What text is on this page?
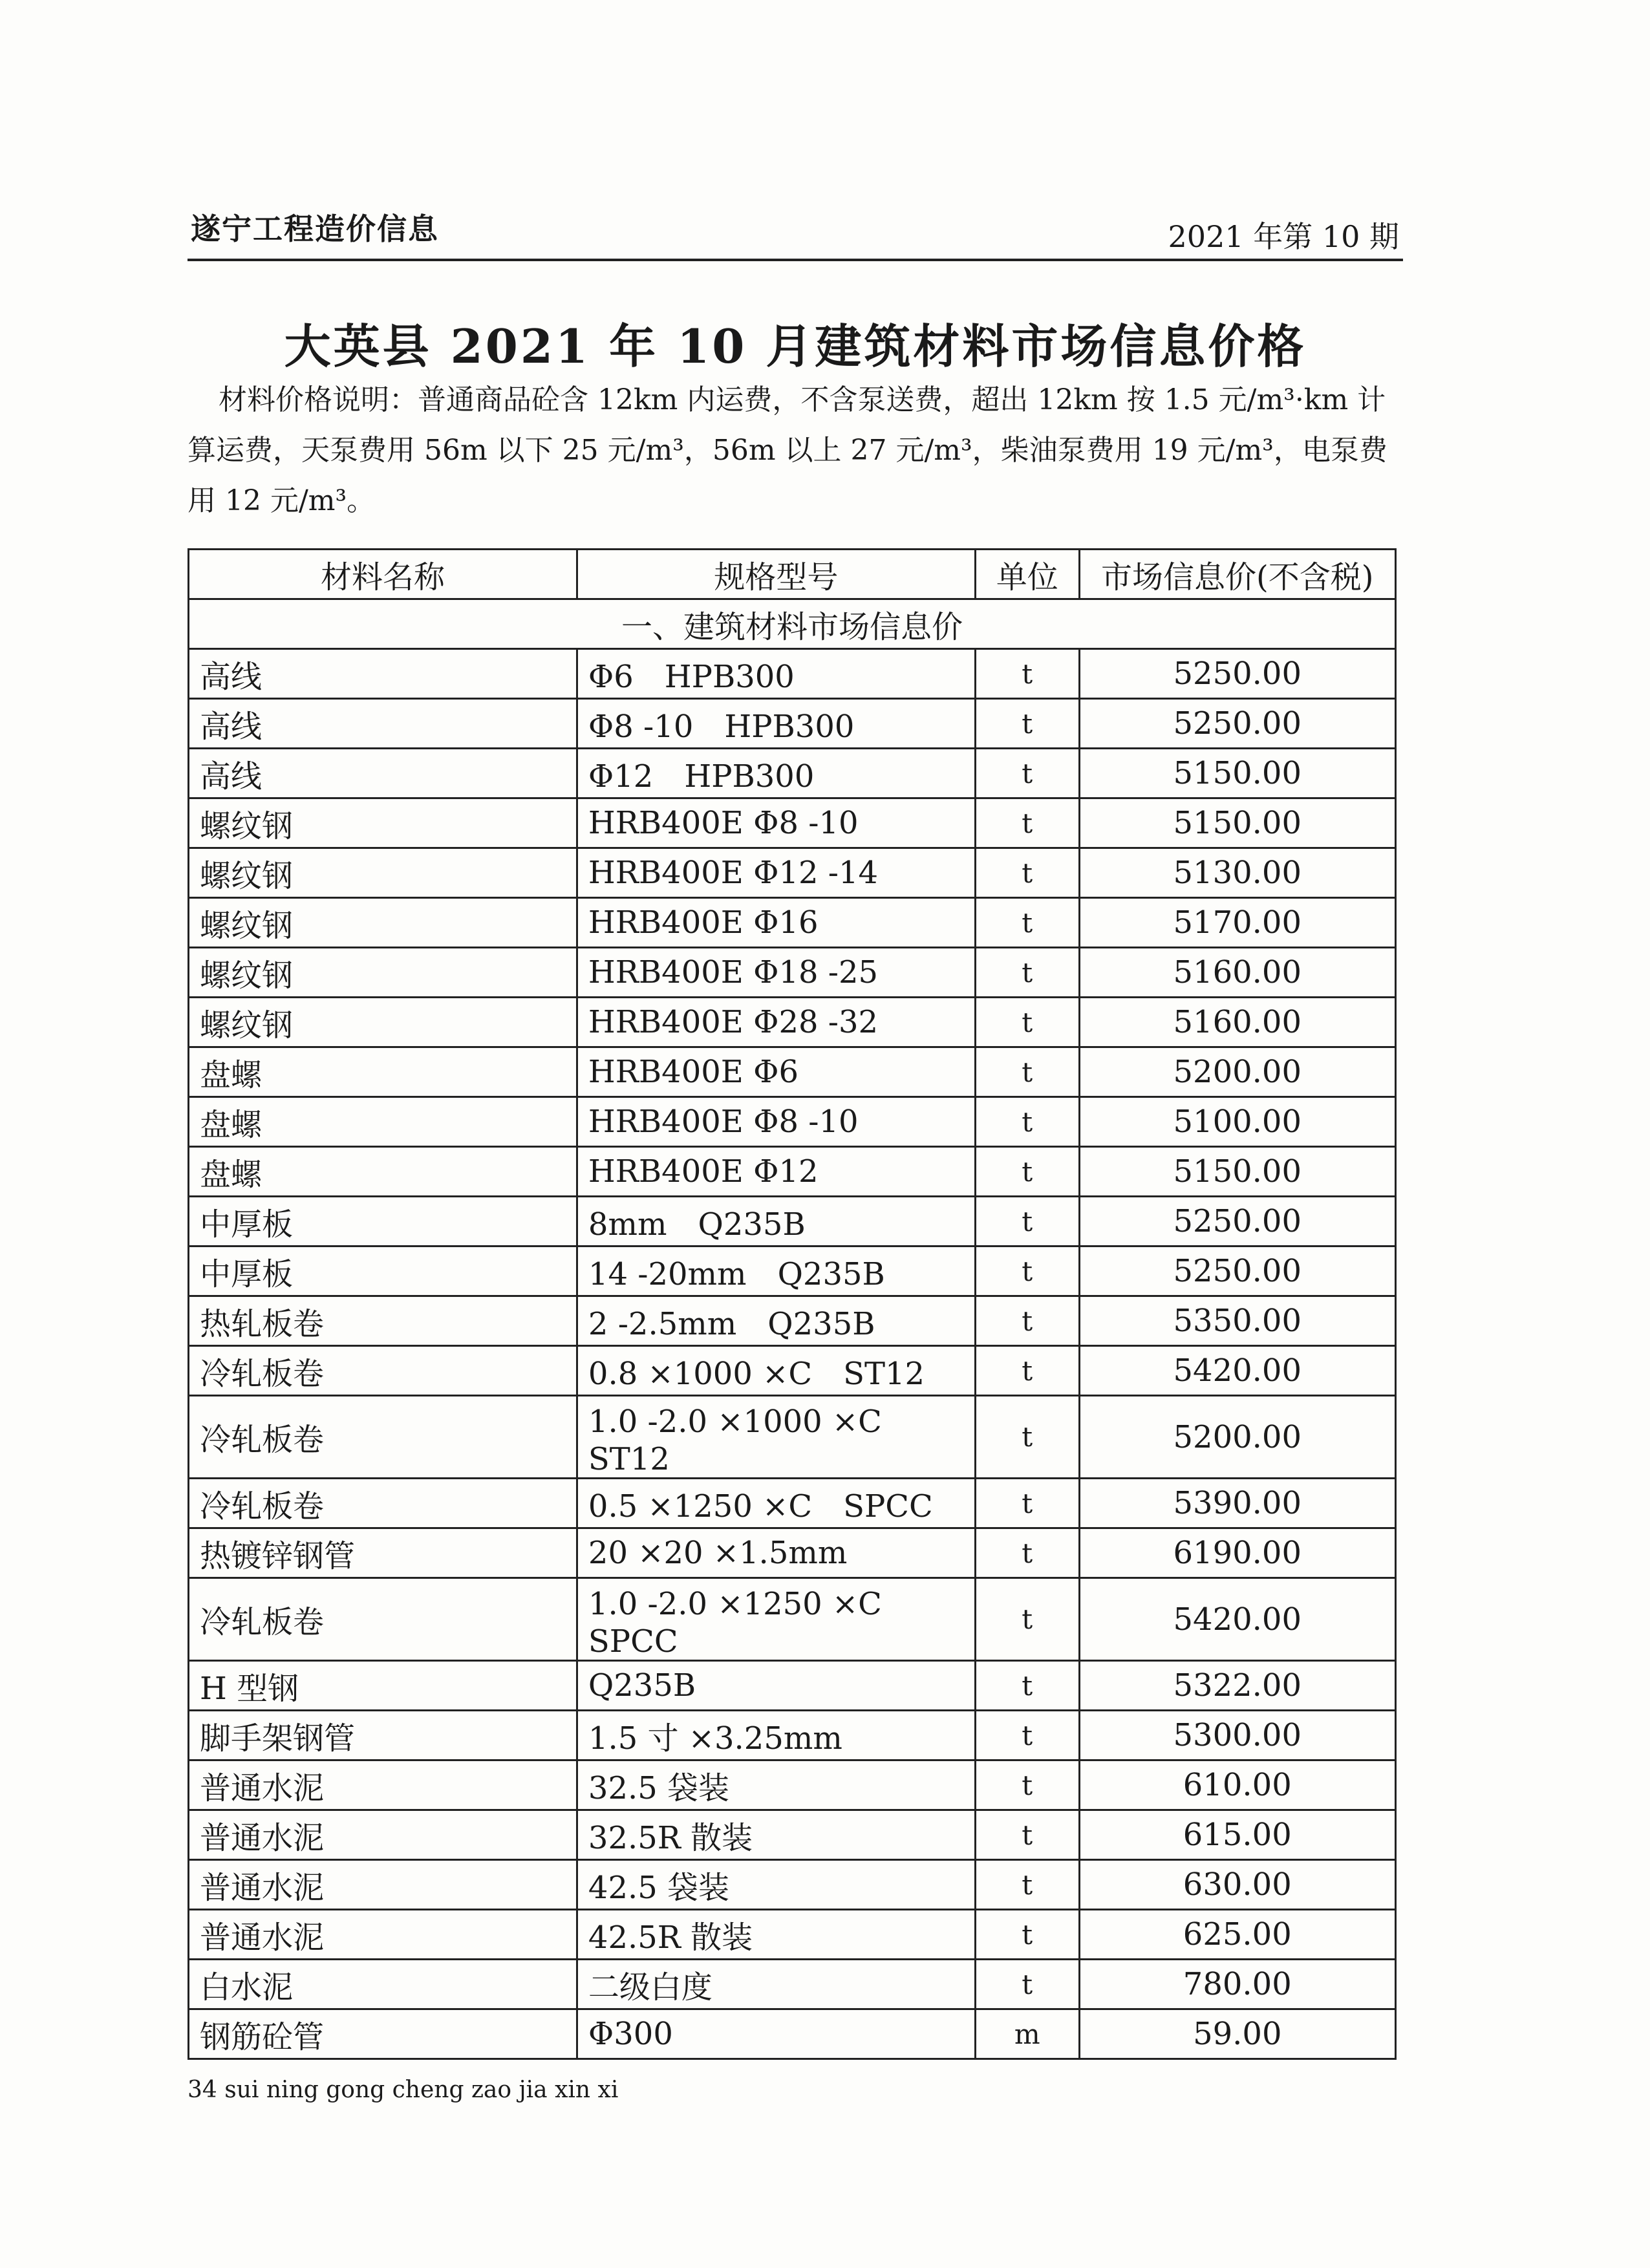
遂宁工程造价信息	2021 年第 10 期
大英县 2021 年 10 月建筑材料市场信息价格
材料价格说明：普通商品砼含 12km 内运费，不含泵送费，超出 12km 按 1.5 元/m³·km 计算运费，天泵费用 56m 以下 25 元/m³，56m 以上 27 元/m³，柴油泵费用 19 元/m³，电泵费用 12 元/m³。
材料名称	规格型号	单位	市场信息价(不含税)
一、建筑材料市场信息价			
高线	Φ6　HPB300	t	5250.00
高线	Φ8 -10　HPB300	t	5250.00
高线	Φ12　HPB300	t	5150.00
螺纹钢	HRB400E Φ8 -10	t	5150.00
螺纹钢	HRB400E Φ12 -14	t	5130.00
螺纹钢	HRB400E Φ16	t	5170.00
螺纹钢	HRB400E Φ18 -25	t	5160.00
螺纹钢	HRB400E Φ28 -32	t	5160.00
盘螺	HRB400E Φ6	t	5200.00
盘螺	HRB400E Φ8 -10	t	5100.00
盘螺	HRB400E Φ12	t	5150.00
中厚板	8mm　Q235B	t	5250.00
中厚板	14 -20mm　Q235B	t	5250.00
热轧板卷	2 -2.5mm　Q235B	t	5350.00
冷轧板卷	0.8 ×1000 ×C　ST12	t	5420.00
冷轧板卷	1.0 -2.0 ×1000 ×C　ST12	t	5200.00
冷轧板卷	0.5 ×1250 ×C　SPCC	t	5390.00
热镀锌钢管	20 ×20 ×1.5mm	t	6190.00
冷轧板卷	1.0 -2.0 ×1250 ×C　SPCC	t	5420.00
H 型钢	Q235B	t	5322.00
脚手架钢管	1.5 寸 ×3.25mm	t	5300.00
普通水泥	32.5 袋装	t	610.00
普通水泥	32.5R 散装	t	615.00
普通水泥	42.5 袋装	t	630.00
普通水泥	42.5R 散装	t	625.00
白水泥	二级白度	t	780.00
钢筋砼管	Φ300	m	59.00
34 sui ning gong cheng zao jia xin xi
